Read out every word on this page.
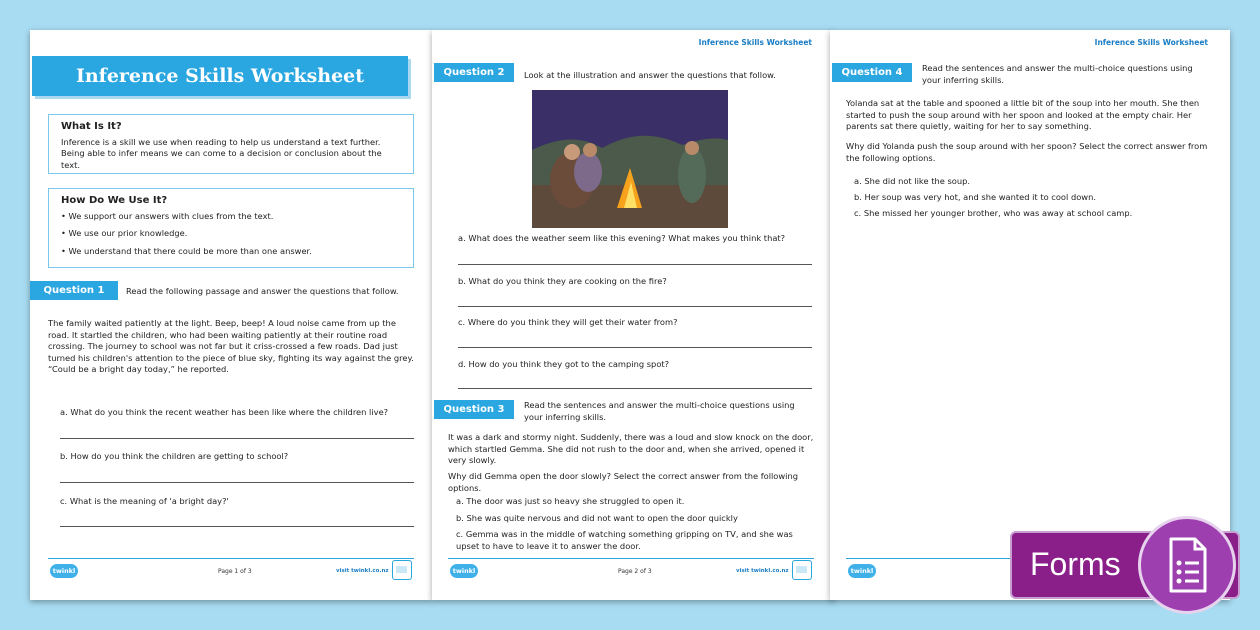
Inference Skills Worksheet
What Is It?

Inference is a skill we use when reading to help us understand a text further. Being able to infer means we can come to a decision or conclusion about the text.

How Do We Use It?
• We support our answers with clues from the text.
• We use our prior knowledge.
• We understand that there could be more than one answer.
Question 1	Read the following passage and answer the questions that follow.
The family waited patiently at the light. Beep, beep! A loud noise came from up the road. It startled the children, who had been waiting patiently at their routine road crossing. The journey to school was not far but it criss-crossed a few roads. Dad just turned his children's attention to the piece of blue sky, fighting its way against the grey. “Could be a bright day today,” he reported.
a. What do you think the recent weather has been like where the children live?
b. How do you think the children are getting to school?
c. What is the meaning of 'a bright day?'
twinkl	Page 1 of 3	visit twinkl.co.nz
Inference Skills Worksheet
Question 2	Look at the illustration and answer the questions that follow.
a. What does the weather seem like this evening? What makes you think that?
b. What do you think they are cooking on the fire?
c. Where do you think they will get their water from?
d. How do you think they got to the camping spot?
Question 3	Read the sentences and answer the multi-choice questions using your inferring skills.
It was a dark and stormy night. Suddenly, there was a loud and slow knock on the door, which startled Gemma. She did not rush to the door and, when she arrived, opened it very slowly.
Why did Gemma open the door slowly? Select the correct answer from the following options.
a. The door was just so heavy she struggled to open it.
b. She was quite nervous and did not want to open the door quickly
c. Gemma was in the middle of watching something gripping on TV, and she was upset to have to leave it to answer the door.
twinkl	Page 2 of 3	visit twinkl.co.nz
Inference Skills Worksheet
Question 4	Read the sentences and answer the multi-choice questions using your inferring skills.
Yolanda sat at the table and spooned a little bit of the soup into her mouth. She then started to push the soup around with her spoon and looked at the empty chair. Her parents sat there quietly, waiting for her to say something.
Why did Yolanda push the soup around with her spoon? Select the correct answer from the following options.
a. She did not like the soup.
b. Her soup was very hot, and she wanted it to cool down.
c. She missed her younger brother, who was away at school camp.
twinkl	Forms
